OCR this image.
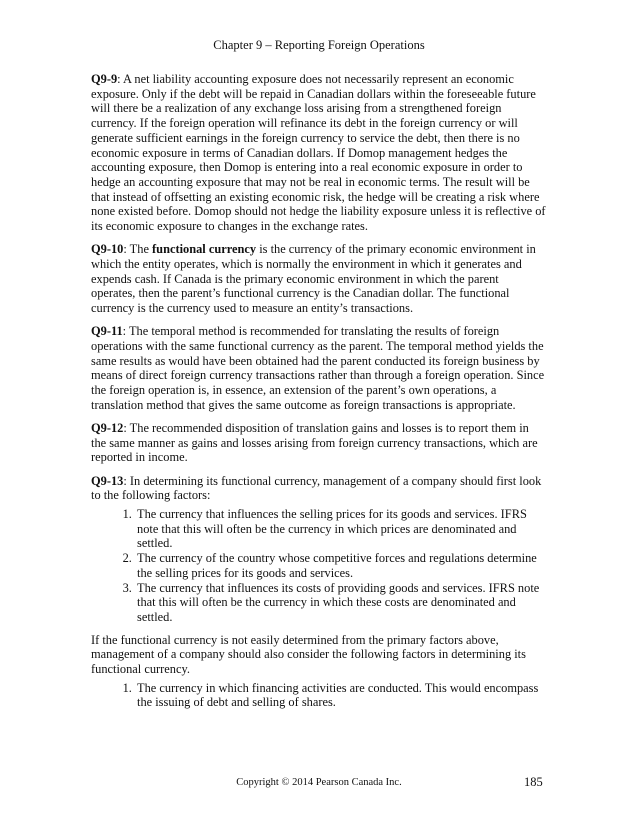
Chapter 9 – Reporting Foreign Operations

Q9-9: A net liability accounting exposure does not necessarily represent an economic exposure. Only if the debt will be repaid in Canadian dollars within the foreseeable future will there be a realization of any exchange loss arising from a strengthened foreign currency. If the foreign operation will refinance its debt in the foreign currency or will generate sufficient earnings in the foreign currency to service the debt, then there is no economic exposure in terms of Canadian dollars. If Domop management hedges the accounting exposure, then Domop is entering into a real economic exposure in order to hedge an accounting exposure that may not be real in economic terms. The result will be that instead of offsetting an existing economic risk, the hedge will be creating a risk where none existed before. Domop should not hedge the liability exposure unless it is reflective of its economic exposure to changes in the exchange rates.

Q9-10: The functional currency is the currency of the primary economic environment in which the entity operates, which is normally the environment in which it generates and expends cash. If Canada is the primary economic environment in which the parent operates, then the parent’s functional currency is the Canadian dollar. The functional currency is the currency used to measure an entity’s transactions.

Q9-11: The temporal method is recommended for translating the results of foreign operations with the same functional currency as the parent. The temporal method yields the same results as would have been obtained had the parent conducted its foreign business by means of direct foreign currency transactions rather than through a foreign operation. Since the foreign operation is, in essence, an extension of the parent’s own operations, a translation method that gives the same outcome as foreign transactions is appropriate.

Q9-12: The recommended disposition of translation gains and losses is to report them in the same manner as gains and losses arising from foreign currency transactions, which are reported in income.

Q9-13: In determining its functional currency, management of a company should first look to the following factors:

1. The currency that influences the selling prices for its goods and services. IFRS note that this will often be the currency in which prices are denominated and settled.
2. The currency of the country whose competitive forces and regulations determine the selling prices for its goods and services.
3. The currency that influences its costs of providing goods and services. IFRS note that this will often be the currency in which these costs are denominated and settled.

If the functional currency is not easily determined from the primary factors above, management of a company should also consider the following factors in determining its functional currency.

1. The currency in which financing activities are conducted. This would encompass the issuing of debt and selling of shares.
Copyright © 2014 Pearson Canada Inc.	185
